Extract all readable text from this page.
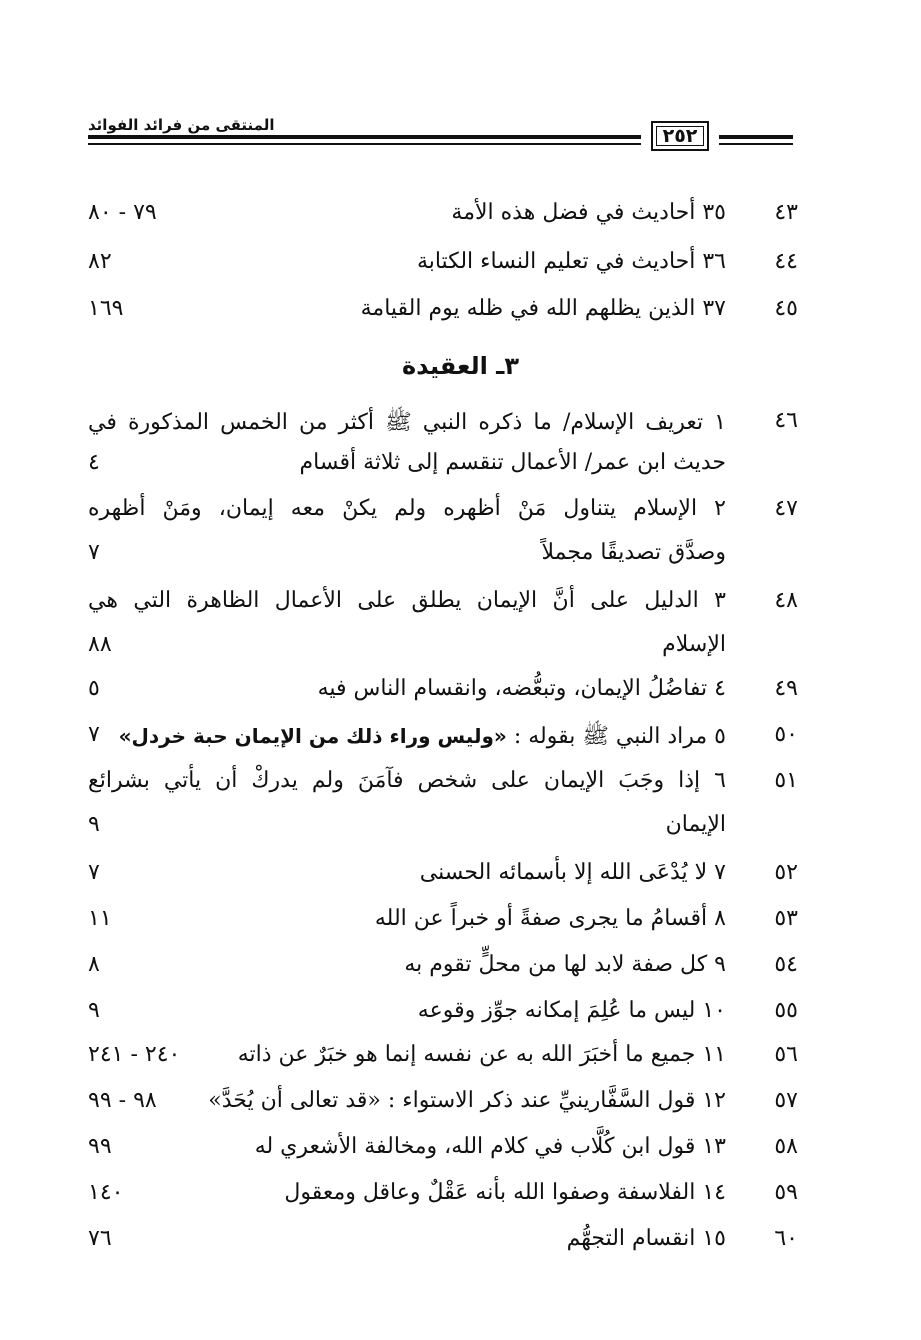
المنتقى من فرائد الفوائد	٢٥٢
٤٣
٣٥ أحاديث في فضل هذه الأمة
٧٩ - ٨٠
٤٤
٣٦ أحاديث في تعليم النساء الكتابة
٨٢
٤٥
٣٧ الذين يظلهم الله في ظله يوم القيامة
١٦٩
٣ـ العقيدة
٤٦
١ تعريف الإسلام/ ما ذكره النبي ﷺ أكثر من الخمس المذكورة في
حديث ابن عمر/ الأعمال تنقسم إلى ثلاثة أقسام
٤
٤٧
٢ الإسلام يتناول مَنْ أظهره ولم يكنْ معه إيمان، ومَنْ أظهره
وصدَّق تصديقًا مجملاً
٧
٤٨
٣ الدليل على أنَّ الإيمان يطلق على الأعمال الظاهرة التي هي
الإسلام
٨٨
٤٩
٤ تفاضُلُ الإيمان، وتبعُّضه، وانقسام الناس فيه
٥
٥٠
٥ مراد النبي ﷺ بقوله : «وليس وراء ذلك من الإيمان حبة خردل»
٧
٥١
٦ إذا وجَبَ الإيمان على شخص فآمَنَ ولم يدركْ أن يأتي بشرائع
الإيمان
٩
٥٢
٧ لا يُدْعَى الله إلا بأسمائه الحسنى
٧
٥٣
٨ أقسامُ ما يجرى صفةً أو خبراً عن الله
١١
٥٤
٩ كل صفة لابد لها من محلٍّ تقوم به
٨
٥٥
١٠ ليس ما عُلِمَ إمكانه جوِّز وقوعه
٩
٥٦
١١ جميع ما أخبَرَ الله به عن نفسه إنما هو خبَرٌ عن ذاته
٢٤٠ - ٢٤١
٥٧
١٢ قول السَّفَّارينيِّ عند ذكر الاستواء : «قد تعالى أن يُحَدَّ»
٩٨ - ٩٩
٥٨
١٣ قول ابن كُلَّاب في كلام الله، ومخالفة الأشعري له
٩٩
٥٩
١٤ الفلاسفة وصفوا الله بأنه عَقْلٌ وعاقل ومعقول
١٤٠
٦٠
١٥ انقسام التجهُّم
٧٦
